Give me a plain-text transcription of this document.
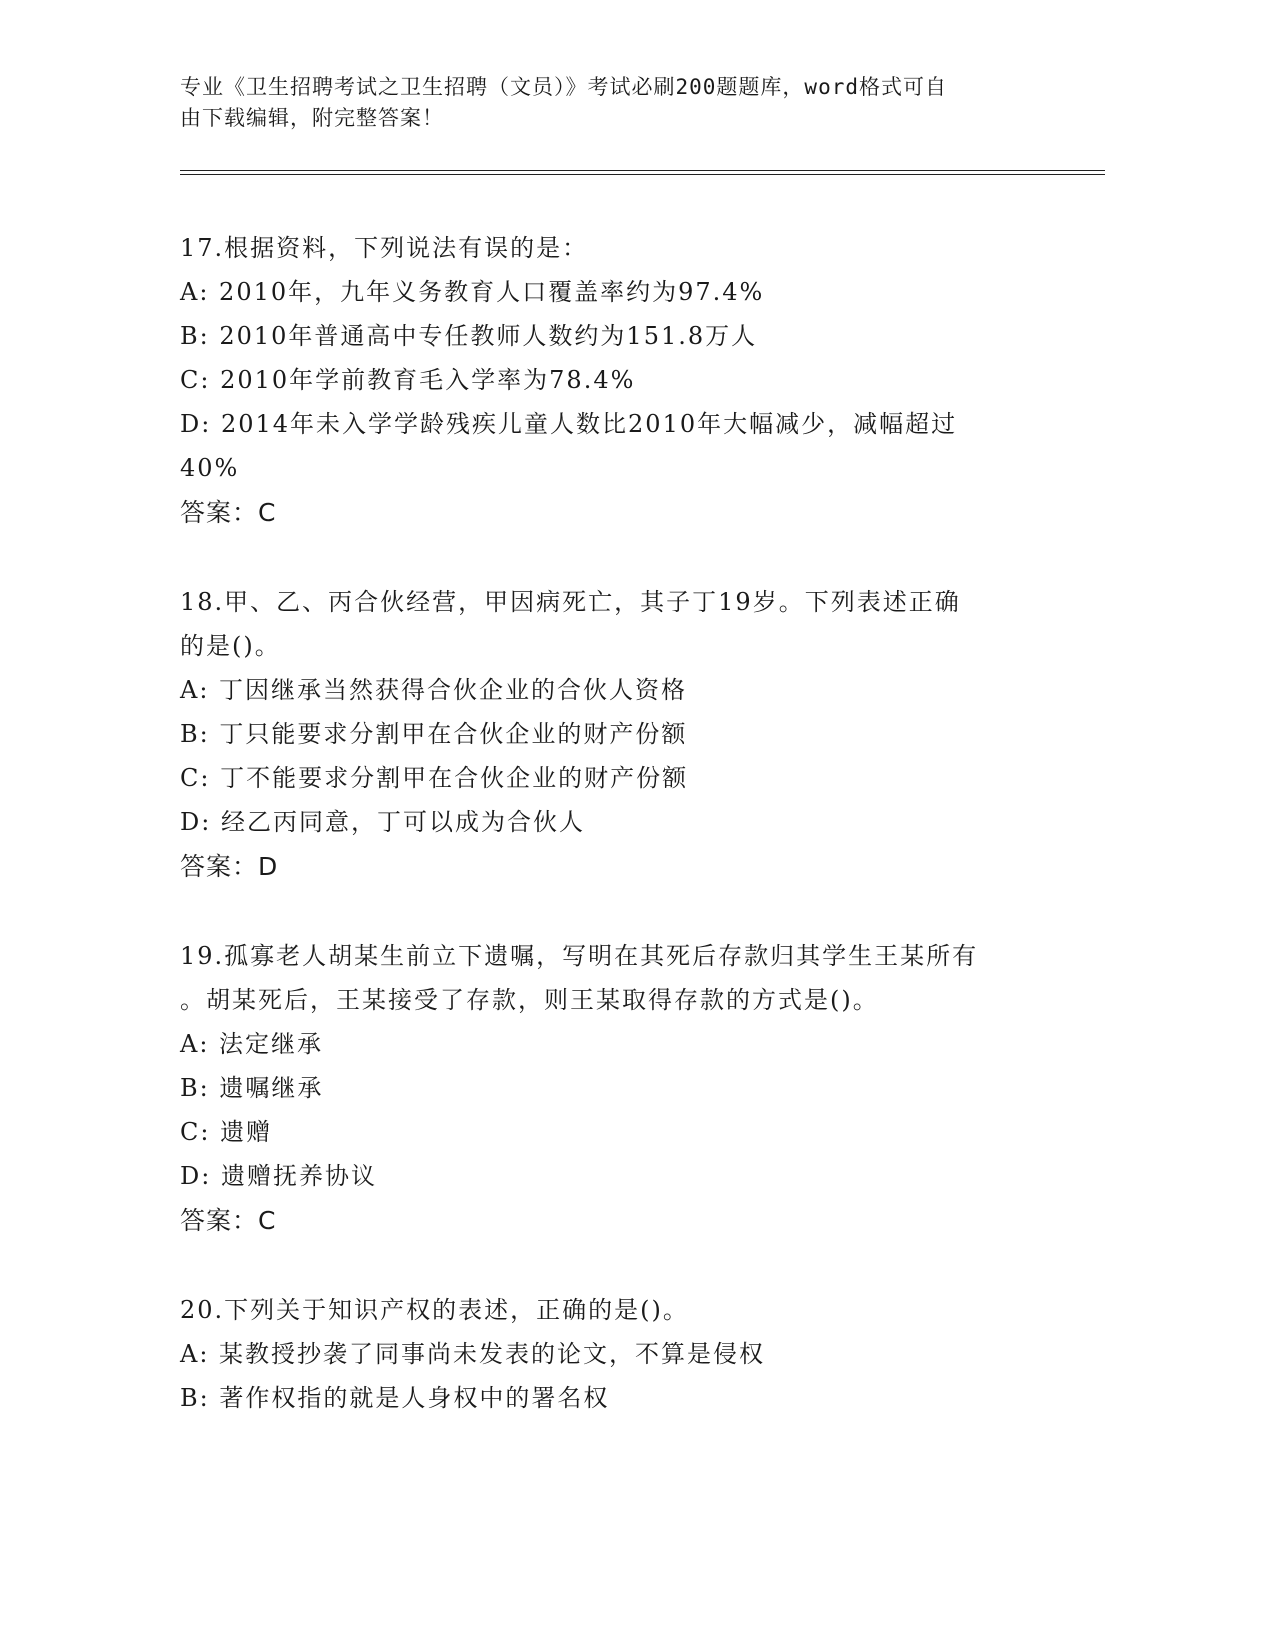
专业《卫生招聘考试之卫生招聘（文员）》考试必刷200题题库，word格式可自
由下载编辑，附完整答案！
17.根据资料，下列说法有误的是：
A: 2010年，九年义务教育人口覆盖率约为97.4%
B: 2010年普通高中专任教师人数约为151.8万人
C: 2010年学前教育毛入学率为78.4%
D: 2014年未入学学龄残疾儿童人数比2010年大幅减少，减幅超过
40%
答案：C
18.甲、乙、丙合伙经营，甲因病死亡，其子丁19岁。下列表述正确
的是()。
A: 丁因继承当然获得合伙企业的合伙人资格
B: 丁只能要求分割甲在合伙企业的财产份额
C: 丁不能要求分割甲在合伙企业的财产份额
D: 经乙丙同意，丁可以成为合伙人
答案：D
19.孤寡老人胡某生前立下遗嘱，写明在其死后存款归其学生王某所有
。胡某死后，王某接受了存款，则王某取得存款的方式是()。
A: 法定继承
B: 遗嘱继承
C: 遗赠
D: 遗赠抚养协议
答案：C
20.下列关于知识产权的表述，正确的是()。
A: 某教授抄袭了同事尚未发表的论文，不算是侵权
B: 著作权指的就是人身权中的署名权
